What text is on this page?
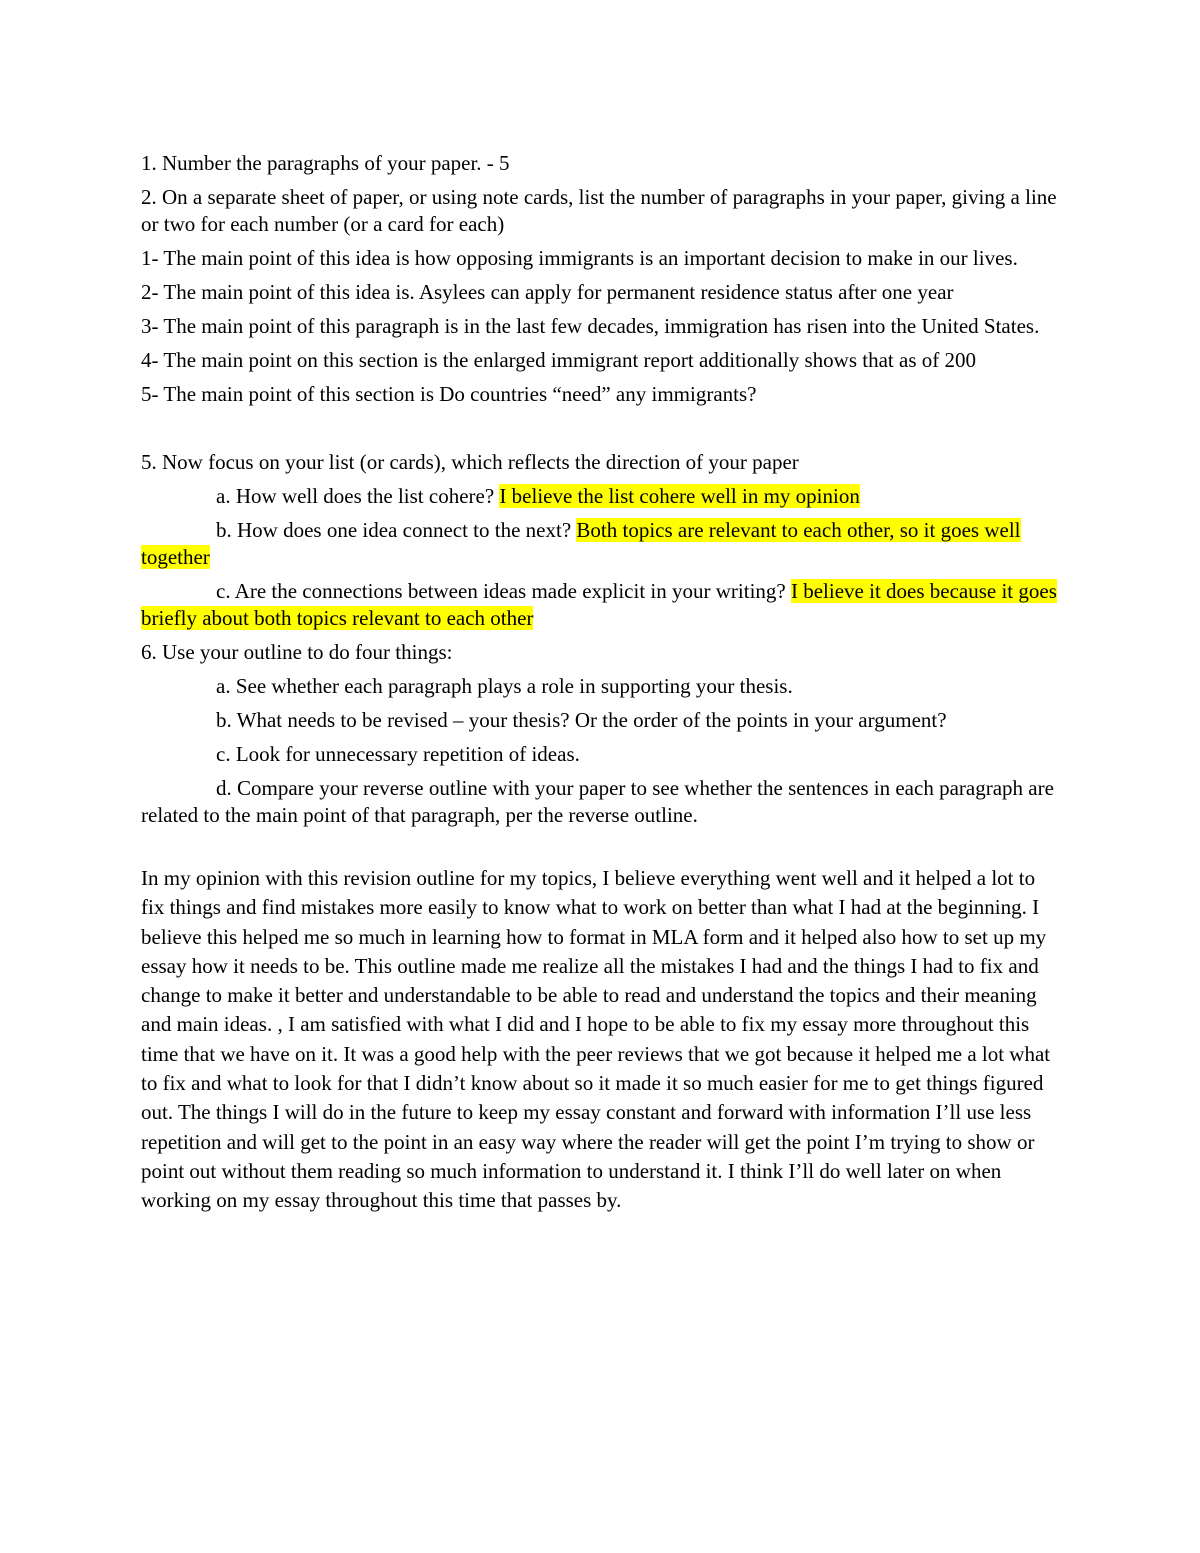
1. Number the paragraphs of your paper. - 5

2. On a separate sheet of paper, or using note cards, list the number of paragraphs in your paper, giving a line or two for each number (or a card for each)

1- The main point of this idea is how opposing immigrants is an important decision to make in our lives.

2- The main point of this idea is. Asylees can apply for permanent residence status after one year

3- The main point of this paragraph is in the last few decades, immigration has risen into the United States.

4- The main point on this section is the enlarged immigrant report additionally shows that as of 200

5- The main point of this section is Do countries “need” any immigrants?

5. Now focus on your list (or cards), which reflects the direction of your paper

a. How well does the list cohere? I believe the list cohere well in my opinion

b. How does one idea connect to the next? Both topics are relevant to each other, so it goes well together

c. Are the connections between ideas made explicit in your writing? I believe it does because it goes briefly about both topics relevant to each other

6. Use your outline to do four things:

a. See whether each paragraph plays a role in supporting your thesis.

b. What needs to be revised – your thesis? Or the order of the points in your argument?

c. Look for unnecessary repetition of ideas.

d. Compare your reverse outline with your paper to see whether the sentences in each paragraph are related to the main point of that paragraph, per the reverse outline.

In my opinion with this revision outline for my topics, I believe everything went well and it helped a lot to fix things and find mistakes more easily to know what to work on better than what I had at the beginning. I believe this helped me so much in learning how to format in MLA form and it helped also how to set up my essay how it needs to be. This outline made me realize all the mistakes I had and the things I had to fix and change to make it better and understandable to be able to read and understand the topics and their meaning and main ideas. , I am satisfied with what I did and I hope to be able to fix my essay more throughout this time that we have on it. It was a good help with the peer reviews that we got because it helped me a lot what to fix and what to look for that I didn’t know about so it made it so much easier for me to get things figured out. The things I will do in the future to keep my essay constant and forward with information I’ll use less repetition and will get to the point in an easy way where the reader will get the point I’m trying to show or point out without them reading so much information to understand it. I think I’ll do well later on when working on my essay throughout this time that passes by.
